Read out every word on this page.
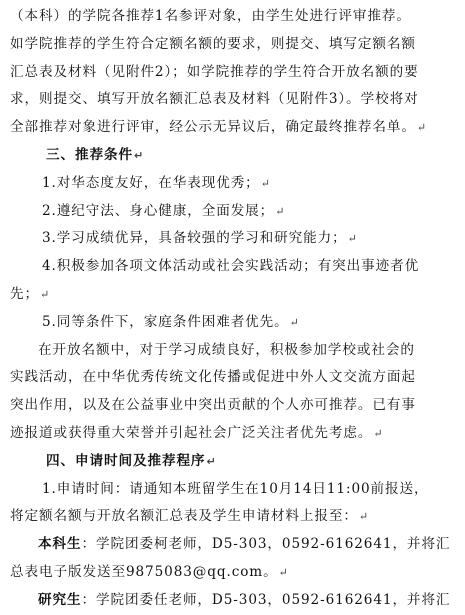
（本科）的学院各推荐1名参评对象，由学生处进行评审推荐。
如学院推荐的学生符合定额名额的要求，则提交、填写定额名额
汇总表及材料（见附件2）；如学院推荐的学生符合开放名额的要
求，则提交、填写开放名额汇总表及材料（见附件3）。学校将对
全部推荐对象进行评审，经公示无异议后，确定最终推荐名单。↵
三、推荐条件↵
1.对华态度友好，在华表现优秀；↵
2.遵纪守法、身心健康，全面发展；↵
3.学习成绩优异，具备较强的学习和研究能力；↵
4.积极参加各项文体活动或社会实践活动；有突出事迹者优
先；↵
5.同等条件下，家庭条件困难者优先。↵
在开放名额中，对于学习成绩良好，积极参加学校或社会的
实践活动，在中华优秀传统文化传播或促进中外人文交流方面起
突出作用，以及在公益事业中突出贡献的个人亦可推荐。已有事
迹报道或获得重大荣誉并引起社会广泛关注者优先考虑。↵
四、申请时间及推荐程序↵
1.申请时间：请通知本班留学生在10月14日11:00前报送，
将定额名额与开放名额汇总表及学生申请材料上报至：↵
本科生：学院团委柯老师，D5-303，0592-6162641，并将汇
总表电子版发送至9875083@qq.com。↵
研究生：学院团委任老师，D5-303，0592-6162641，并将汇
